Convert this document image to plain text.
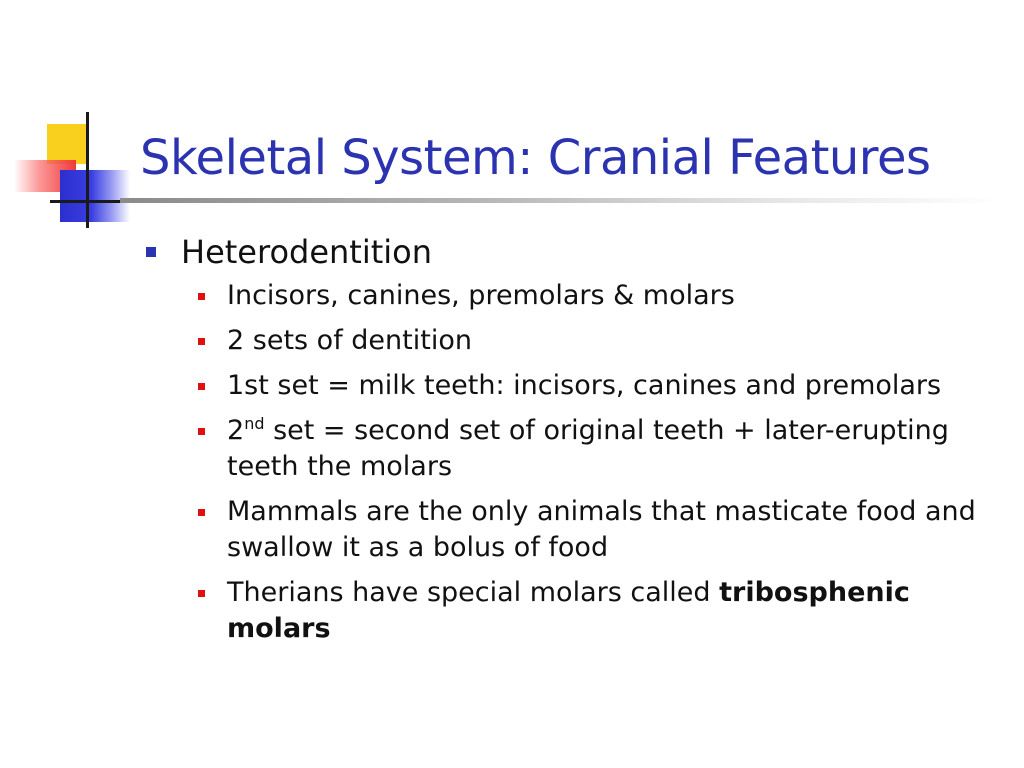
Skeletal System: Cranial Features
Heterodentition
Incisors, canines, premolars & molars
2 sets of dentition
1st set = milk teeth: incisors, canines and premolars
2nd set = second set of original teeth + later-erupting teeth the molars
Mammals are the only animals that masticate food and swallow it as a bolus of food
Therians have special molars called tribosphenic molars
